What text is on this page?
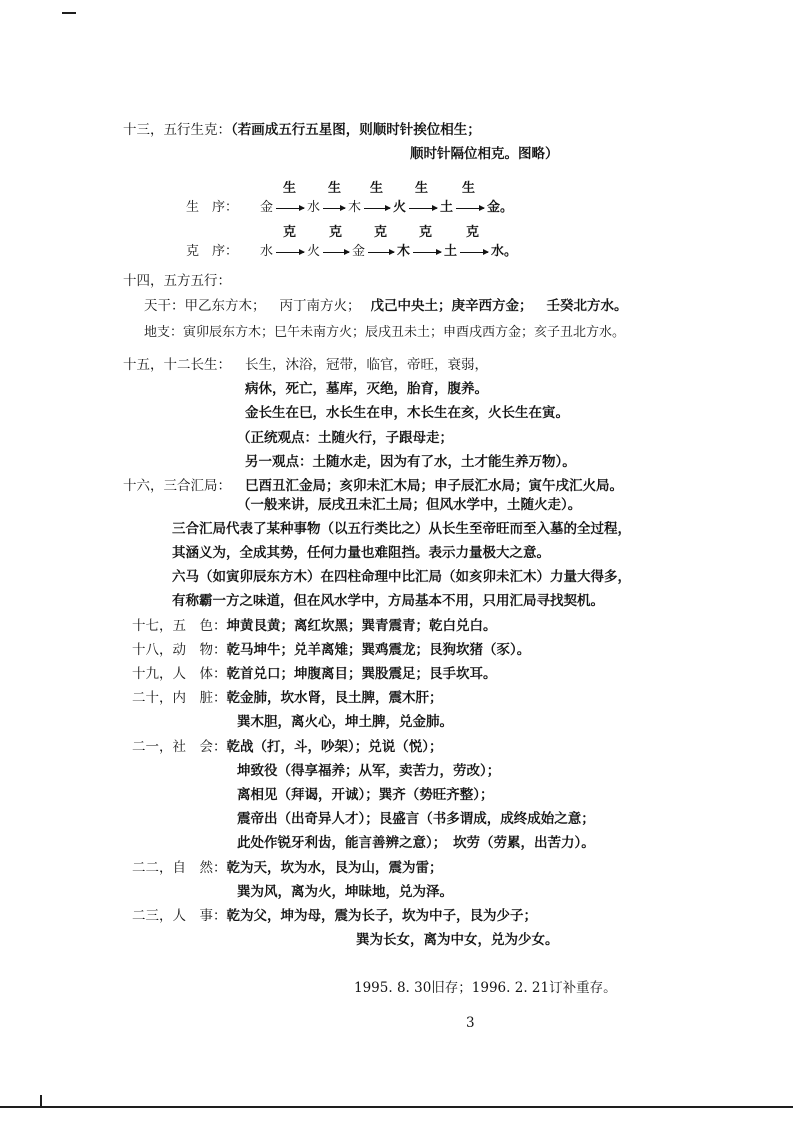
十三，五行生克：（若画成五行五星图，则顺时针挨位相生；
顺时针隔位相克。图略）
生　序： 金
生
水
生
木
生
火
生
土
生
金。
克　序： 水
克
火
克
金
克
木
克
土
克
水。
十四，五方五行：
天干：甲乙东方木； 丙丁南方火； 戊己中央土；庚辛西方金； 壬癸北方水。
地支：寅卯辰东方木；巳午未南方火；辰戌丑未土；申酉戌西方金；亥子丑北方水。
十五，十二长生： 长生，沐浴，冠带，临官，帝旺，衰弱，
病休，死亡，墓库，灭绝，胎育，腹养。
金长生在巳，水长生在申，木长生在亥，火长生在寅。
（正统观点：土随火行，子跟母走；
另一观点：土随水走，因为有了水，土才能生养万物）。
十六，三合汇局： 巳酉丑汇金局；亥卯未汇木局；申子辰汇水局；寅午戌汇火局。
（一般来讲，辰戌丑未汇土局；但风水学中，土随火走）。
三合汇局代表了某种事物（以五行类比之）从长生至帝旺而至入墓的全过程，
其涵义为，全成其势，任何力量也难阻挡。表示力量极大之意。
六马（如寅卯辰东方木）在四柱命理中比汇局（如亥卯未汇木）力量大得多，
有称霸一方之味道，但在风水学中，方局基本不用，只用汇局寻找契机。
十七，五　色：坤黄艮黄；离红坎黑；巽青震青；乾白兑白。
十八，动　物：乾马坤牛；兑羊离雉；巽鸡震龙；艮狗坎猪（豕）。
十九，人　体：乾首兑口；坤腹离目；巽股震足；艮手坎耳。
二十，内　脏：乾金肺，坎水肾，艮土脾，震木肝；
巽木胆，离火心，坤土脾，兑金肺。
二一，社　会：乾战（打，斗，吵架）；兑说（悦）；
坤致役（得享福养；从军，卖苦力，劳改）；
离相见（拜谒，开诚）；巽齐（势旺齐整）；
震帝出（出奇异人才）；艮盛言（书多谓成，成终成始之意；
此处作锐牙利齿，能言善辨之意）；　坎劳（劳累，出苦力）。
二二，自　然：乾为天，坎为水，艮为山，震为雷；
巽为风，离为火，坤昧地，兑为泽。
二三，人　事：乾为父，坤为母，震为长子，坎为中子，艮为少子；
巽为长女，离为中女，兑为少女。
1995. 8. 30旧存；1996. 2. 21订补重存。
3
